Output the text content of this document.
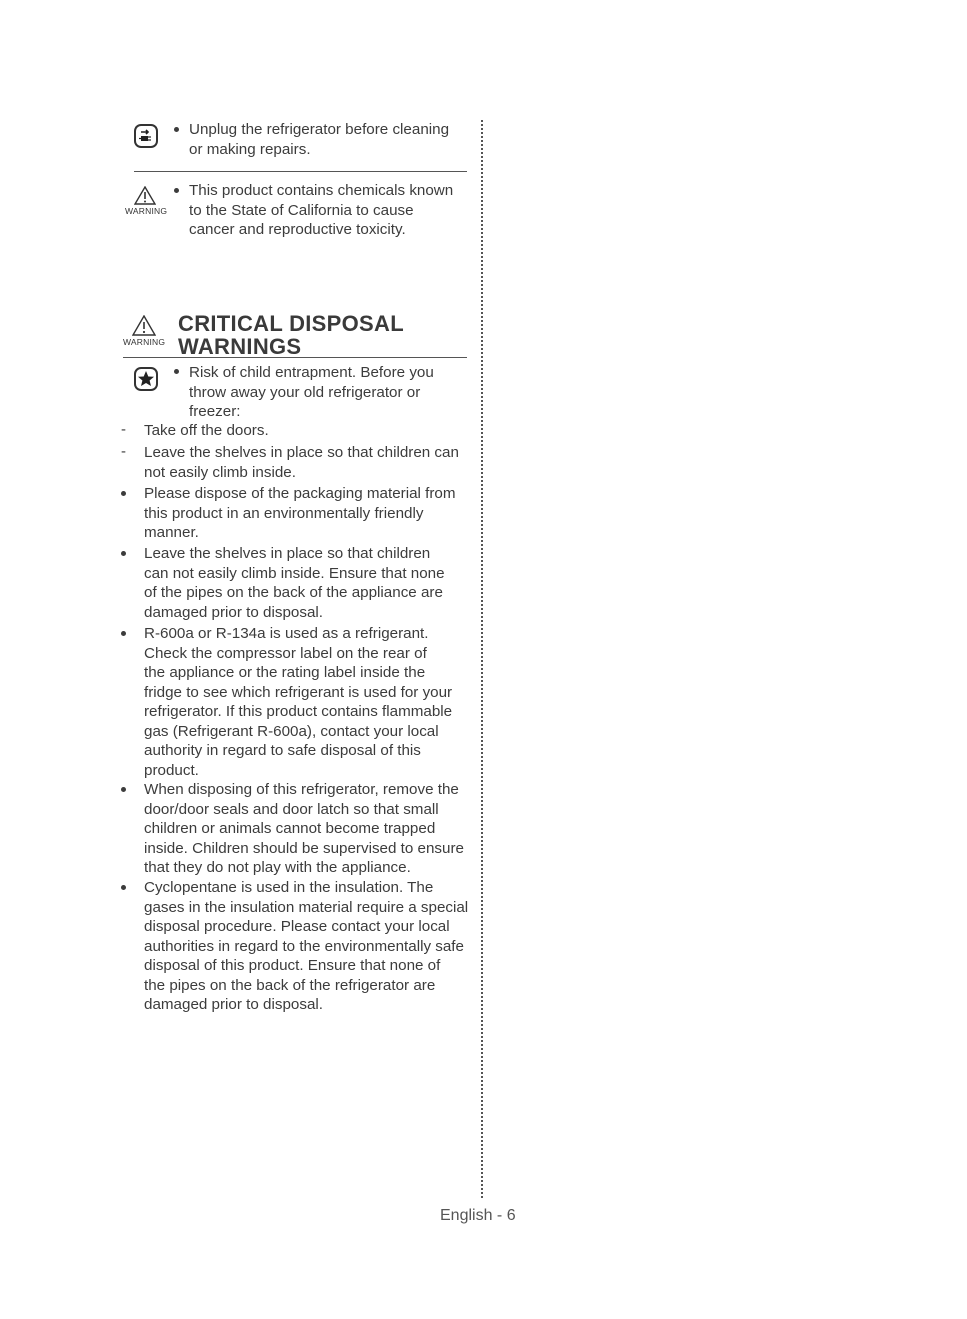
Unplug the refrigerator before cleaning
or making repairs.
WARNING
This product contains chemicals known
to the State of California to cause
cancer and reproductive toxicity.
WARNING
CRITICAL DISPOSAL
WARNINGS
Risk of child entrapment. Before you
throw away your old refrigerator or
freezer:
- Take off the doors.
- Leave the shelves in place so that children can
not easily climb inside.
Please dispose of the packaging material from
this product in an environmentally friendly
manner.
Leave the shelves in place so that children
can not easily climb inside. Ensure that none
of the pipes on the back of the appliance are
damaged prior to disposal.
R-600a or R-134a is used as a refrigerant.
Check the compressor label on the rear of
the appliance or the rating label inside the
fridge to see which refrigerant is used for your
refrigerator. If this product contains flammable
gas (Refrigerant R-600a), contact your local
authority in regard to safe disposal of this
product.
When disposing of this refrigerator, remove the
door/door seals and door latch so that small
children or animals cannot become trapped
inside. Children should be supervised to ensure
that they do not play with the appliance.
Cyclopentane is used in the insulation. The
gases in the insulation material require a special
disposal procedure. Please contact your local
authorities in regard to the environmentally safe
disposal of this product. Ensure that none of
the pipes on the back of the refrigerator are
damaged prior to disposal.
English - 6
